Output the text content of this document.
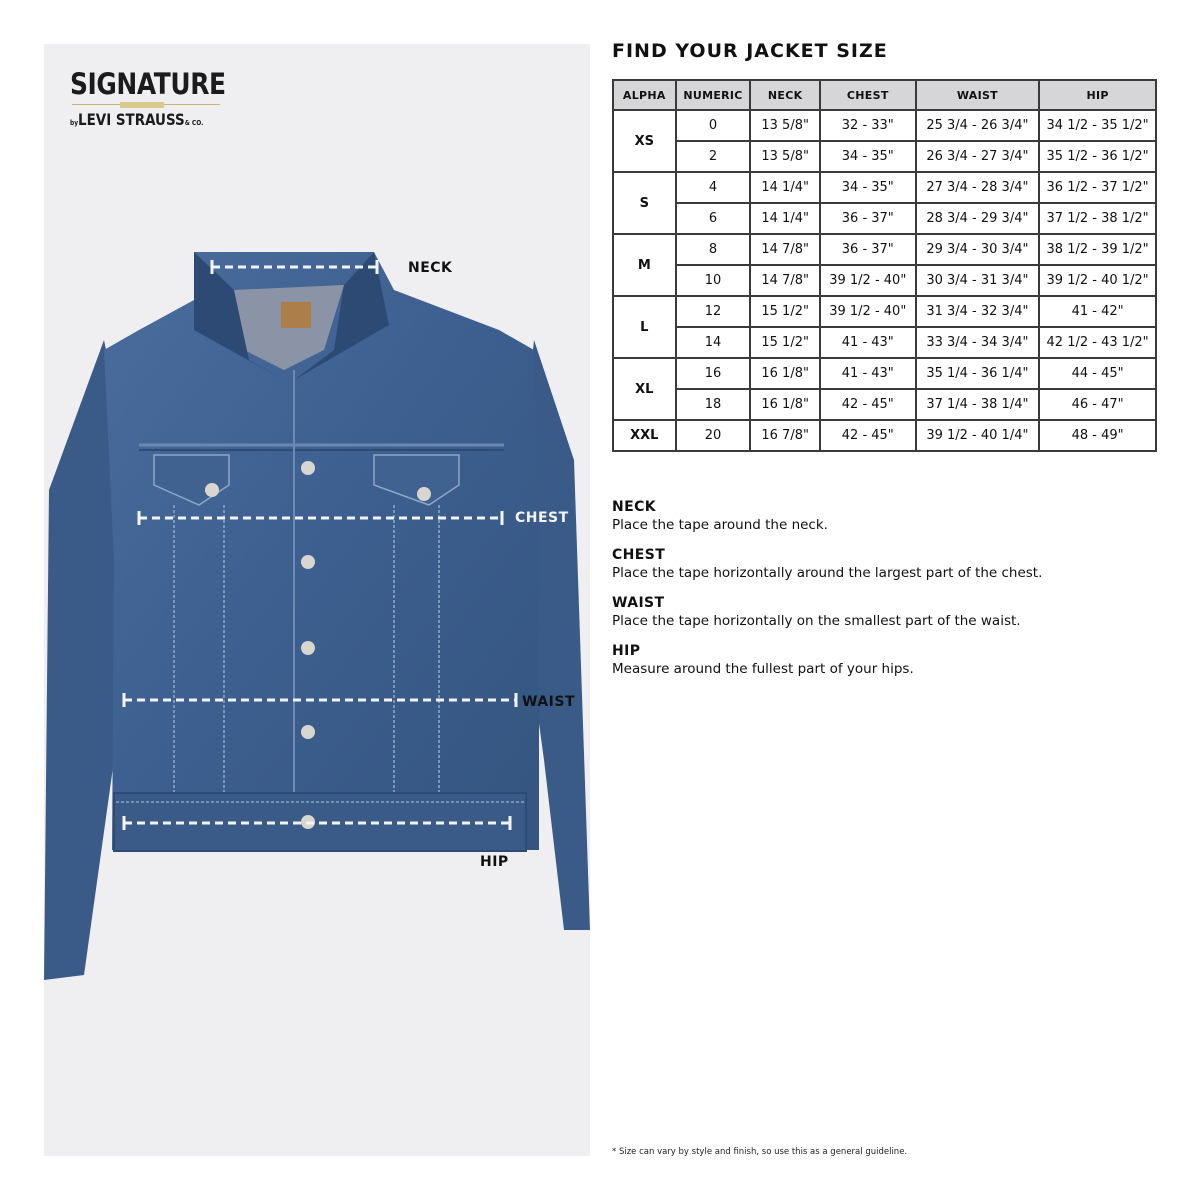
SIGNATURE
byLEVI STRAUSS& CO.
NECK
CHEST
WAIST
HIP
FIND YOUR JACKET SIZE
ALPHA	NUMERIC	NECK	CHEST	WAIST	HIP
XS	0	13 5/8"	32 - 33"	25 3/4 - 26 3/4"	34 1/2 - 35 1/2"
	2	13 5/8"	34 - 35"	26 3/4 - 27 3/4"	35 1/2 - 36 1/2"
S	4	14 1/4"	34 - 35"	27 3/4 - 28 3/4"	36 1/2 - 37 1/2"
	6	14 1/4"	36 - 37"	28 3/4 - 29 3/4"	37 1/2 - 38 1/2"
M	8	14 7/8"	36 - 37"	29 3/4 - 30 3/4"	38 1/2 - 39 1/2"
	10	14 7/8"	39 1/2 - 40"	30 3/4 - 31 3/4"	39 1/2 - 40 1/2"
L	12	15 1/2"	39 1/2 - 40"	31 3/4 - 32 3/4"	41 - 42"
	14	15 1/2"	41 - 43"	33 3/4 - 34 3/4"	42 1/2 - 43 1/2"
XL	16	16 1/8"	41 - 43"	35 1/4 - 36 1/4"	44 - 45"
	18	16 1/8"	42 - 45"	37 1/4 - 38 1/4"	46 - 47"
XXL	20	16 7/8"	42 - 45"	39 1/2 - 40 1/4"	48 - 49"
NECK
Place the tape around the neck.
CHEST
Place the tape horizontally around the largest part of the chest.
WAIST
Place the tape horizontally on the smallest part of the waist.
HIP
Measure around the fullest part of your hips.
* Size can vary by style and finish, so use this as a general guideline.
